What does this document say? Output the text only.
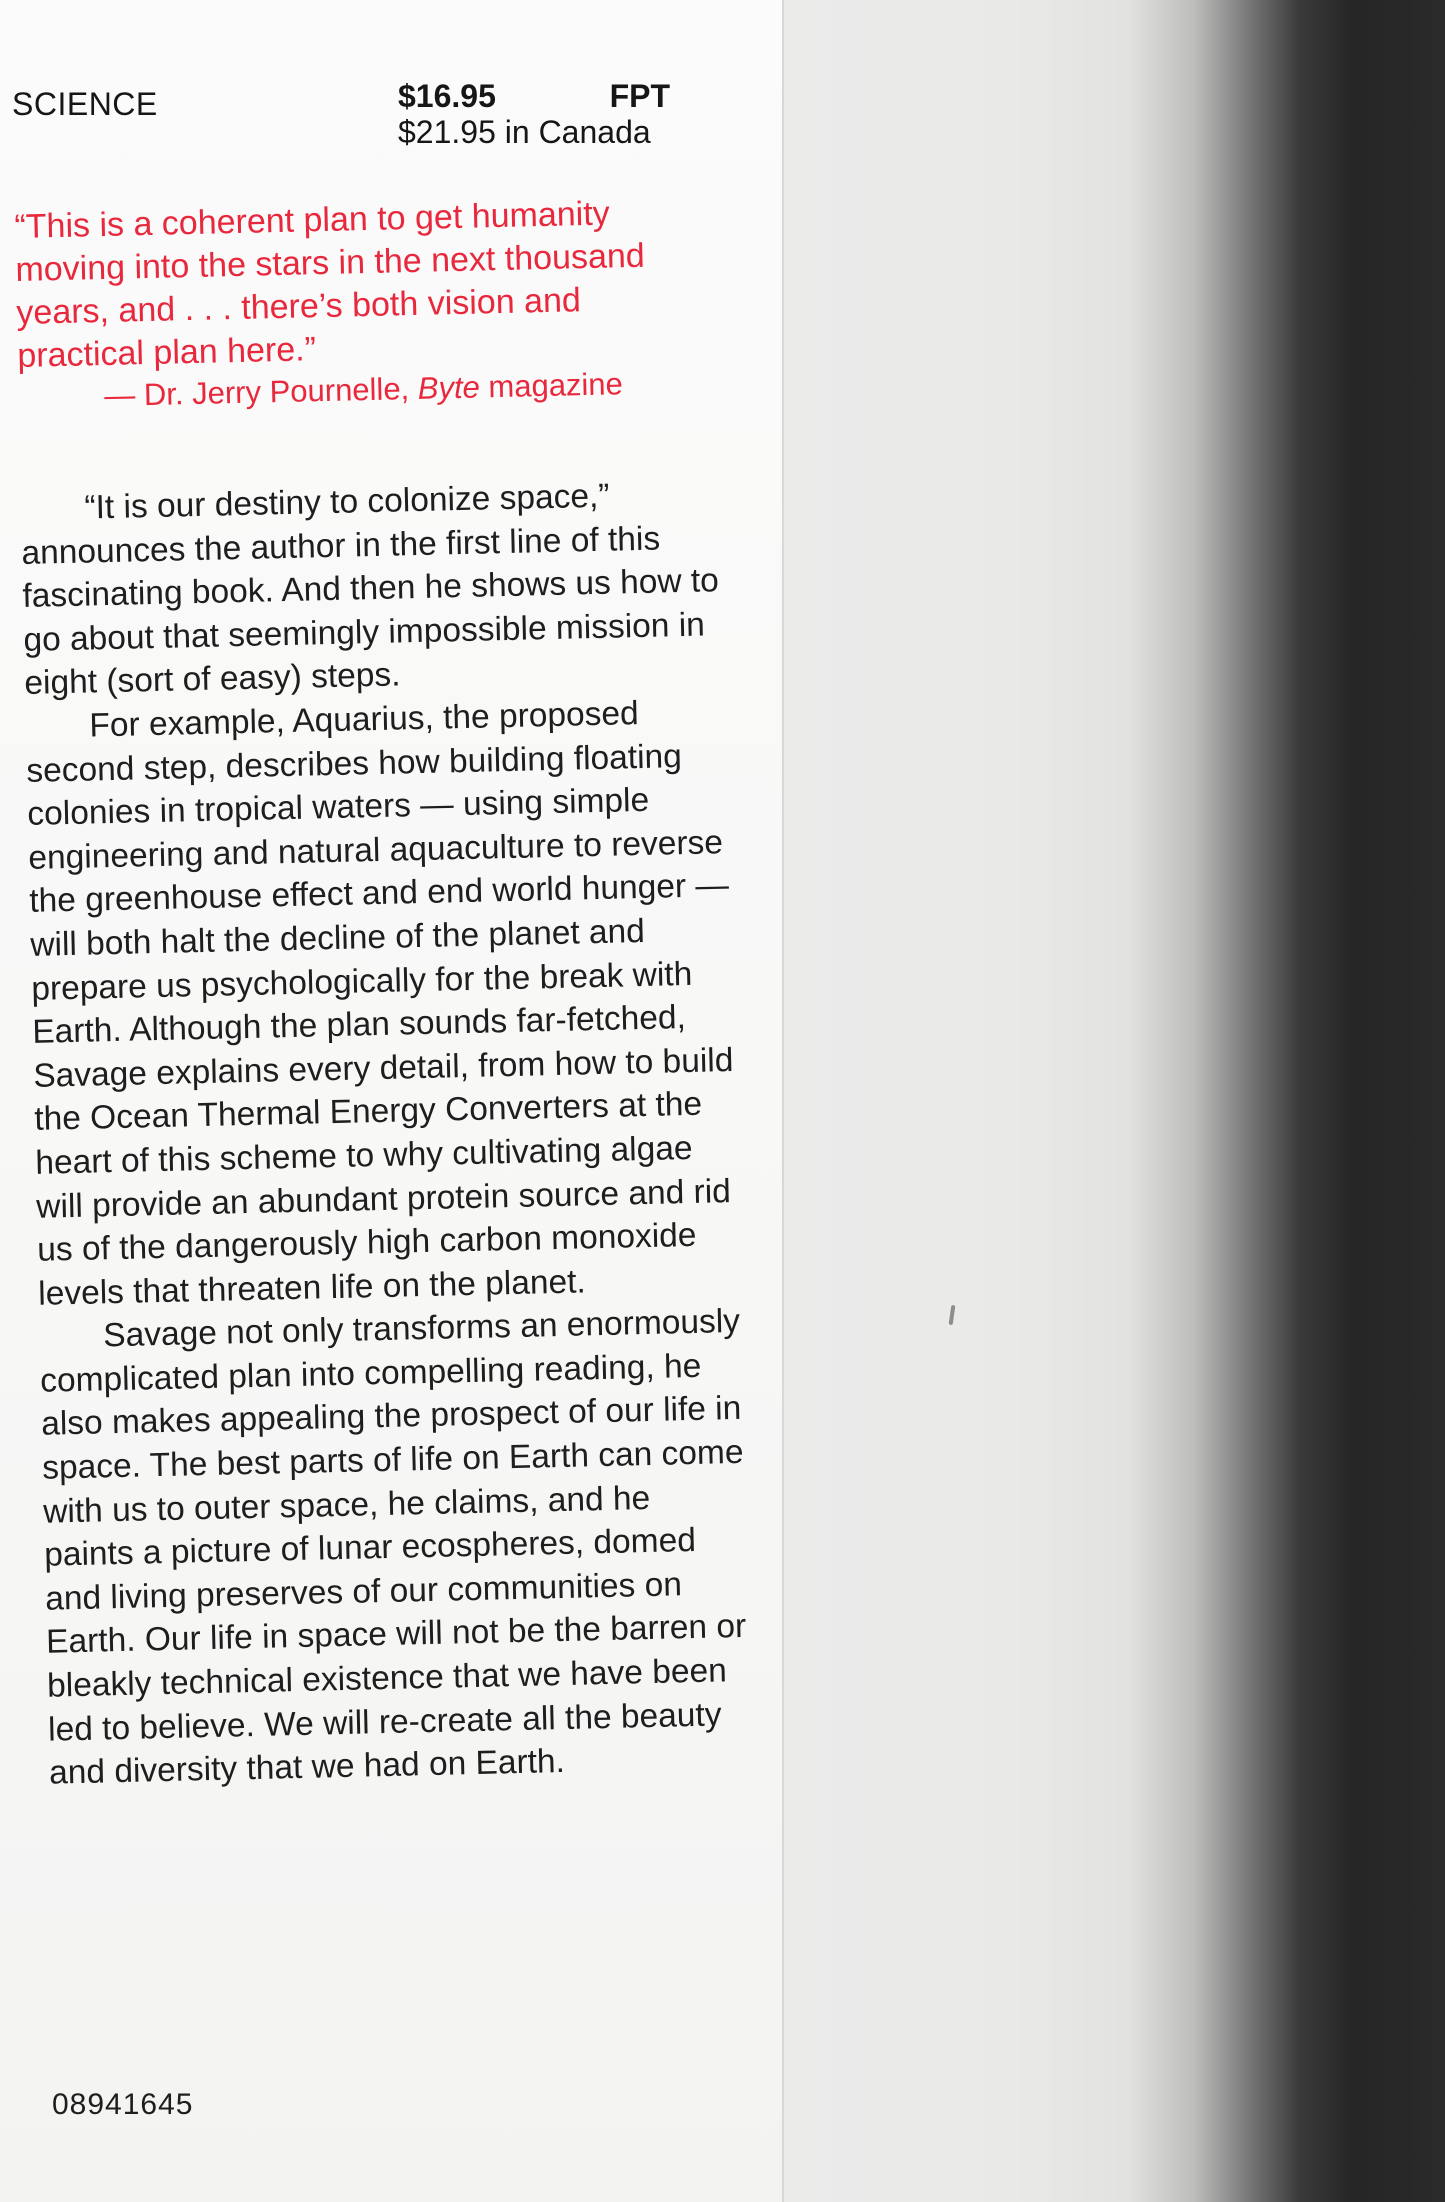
SCIENCE	$16.95	FPT
$21.95 in Canada

“This is a coherent plan to get humanity moving into the stars in the next thousand years, and . . . there’s both vision and practical plan here.”

— Dr. Jerry Pournelle, Byte magazine

“It is our destiny to colonize space,” announces the author in the first line of this fascinating book. And then he shows us how to go about that seemingly impossible mission in eight (sort of easy) steps.

For example, Aquarius, the proposed second step, describes how building floating colonies in tropical waters — using simple engineering and natural aquaculture to reverse the greenhouse effect and end world hunger — will both halt the decline of the planet and prepare us psychologically for the break with Earth. Although the plan sounds far-fetched, Savage explains every detail, from how to build the Ocean Thermal Energy Converters at the heart of this scheme to why cultivating algae will provide an abundant protein source and rid us of the dangerously high carbon monoxide levels that threaten life on the planet.

Savage not only transforms an enormously complicated plan into compelling reading, he also makes appealing the prospect of our life in space. The best parts of life on Earth can come with us to outer space, he claims, and he paints a picture of lunar ecospheres, domed and living preserves of our communities on Earth. Our life in space will not be the barren or bleakly technical existence that we have been led to believe. We will re-create all the beauty and diversity that we had on Earth.

08941645
